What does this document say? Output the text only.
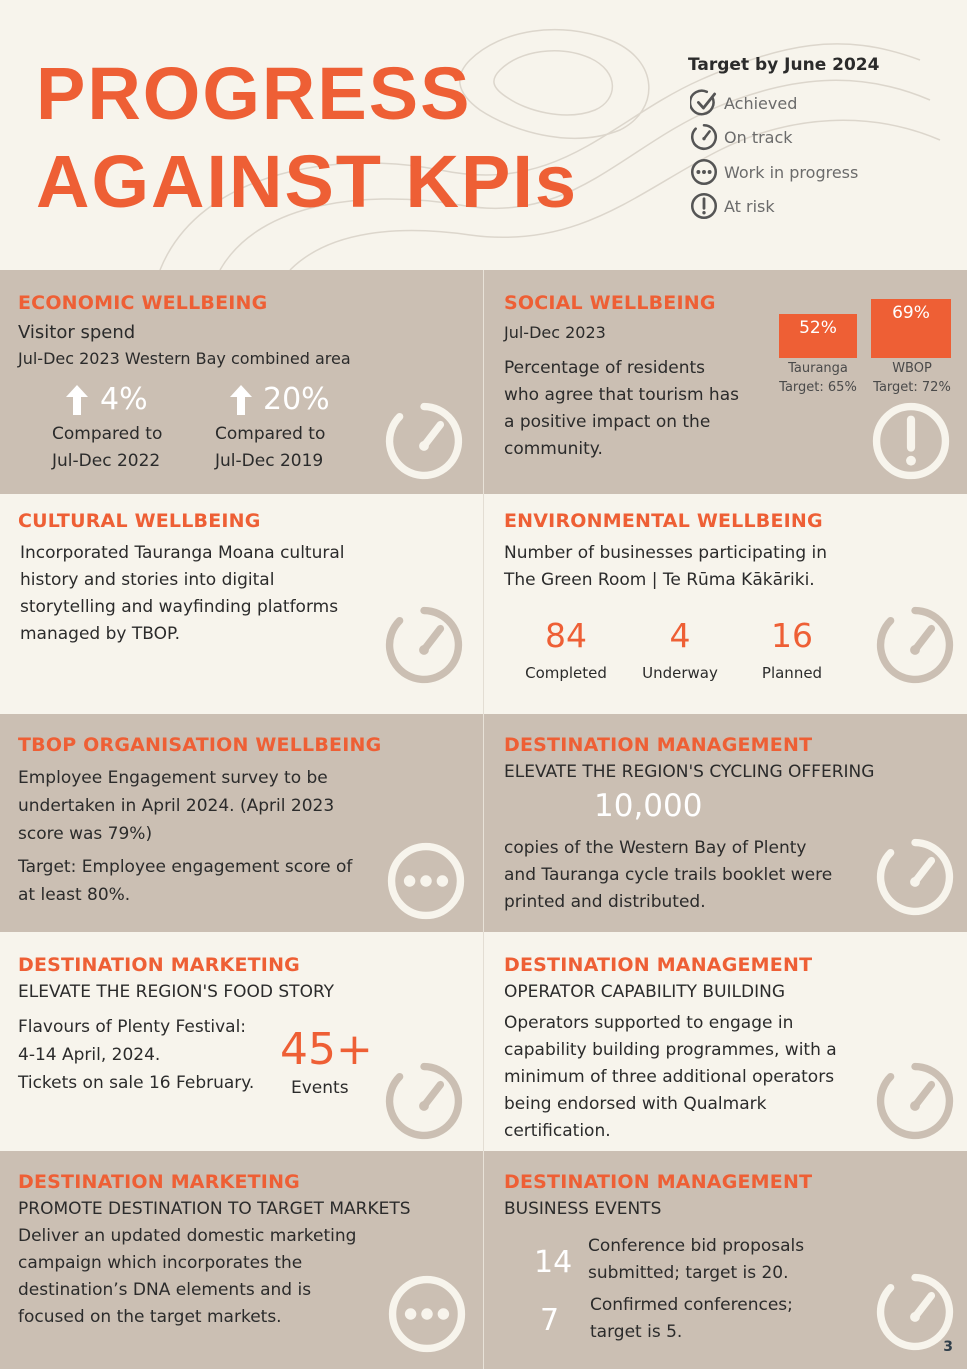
PROGRESS
AGAINST KPIs
Target by June 2024
Achieved
On track
Work in progress
At risk
ECONOMIC WELLBEING
Visitor spend
Jul-Dec 2023 Western Bay combined area
4%
Compared to
Jul-Dec 2022
20%
Compared to
Jul-Dec 2019
SOCIAL WELLBEING
Jul-Dec 2023
Percentage of residents who agree that tourism has a positive impact on the community.
52%
Tauranga
Target: 65%
69%
WBOP
Target: 72%
CULTURAL WELLBEING
Incorporated Tauranga Moana cultural history and stories into digital storytelling and wayfinding platforms managed by TBOP.
ENVIRONMENTAL WELLBEING
Number of businesses participating in The Green Room | Te Rūma Kākāriki.
84
Completed
4
Underway
16
Planned
TBOP ORGANISATION WELLBEING
Employee Engagement survey to be undertaken in April 2024. (April 2023 score was 79%)
Target: Employee engagement score of at least 80%.
DESTINATION MANAGEMENT
ELEVATE THE REGION'S CYCLING OFFERING
10,000
copies of the Western Bay of Plenty and Tauranga cycle trails booklet were printed and distributed.
DESTINATION MARKETING
ELEVATE THE REGION'S FOOD STORY
Flavours of Plenty Festival:
4-14 April, 2024.
Tickets on sale 16 February.
45+
Events
DESTINATION MANAGEMENT
OPERATOR CAPABILITY BUILDING
Operators supported to engage in capability building programmes, with a minimum of three additional operators being endorsed with Qualmark certification.
DESTINATION MARKETING
PROMOTE DESTINATION TO TARGET MARKETS
Deliver an updated domestic marketing campaign which incorporates the destination’s DNA elements and is focused on the target markets.
DESTINATION MANAGEMENT
BUSINESS EVENTS
14 Conference bid proposals submitted; target is 20.
7 Confirmed conferences; target is 5.
3
